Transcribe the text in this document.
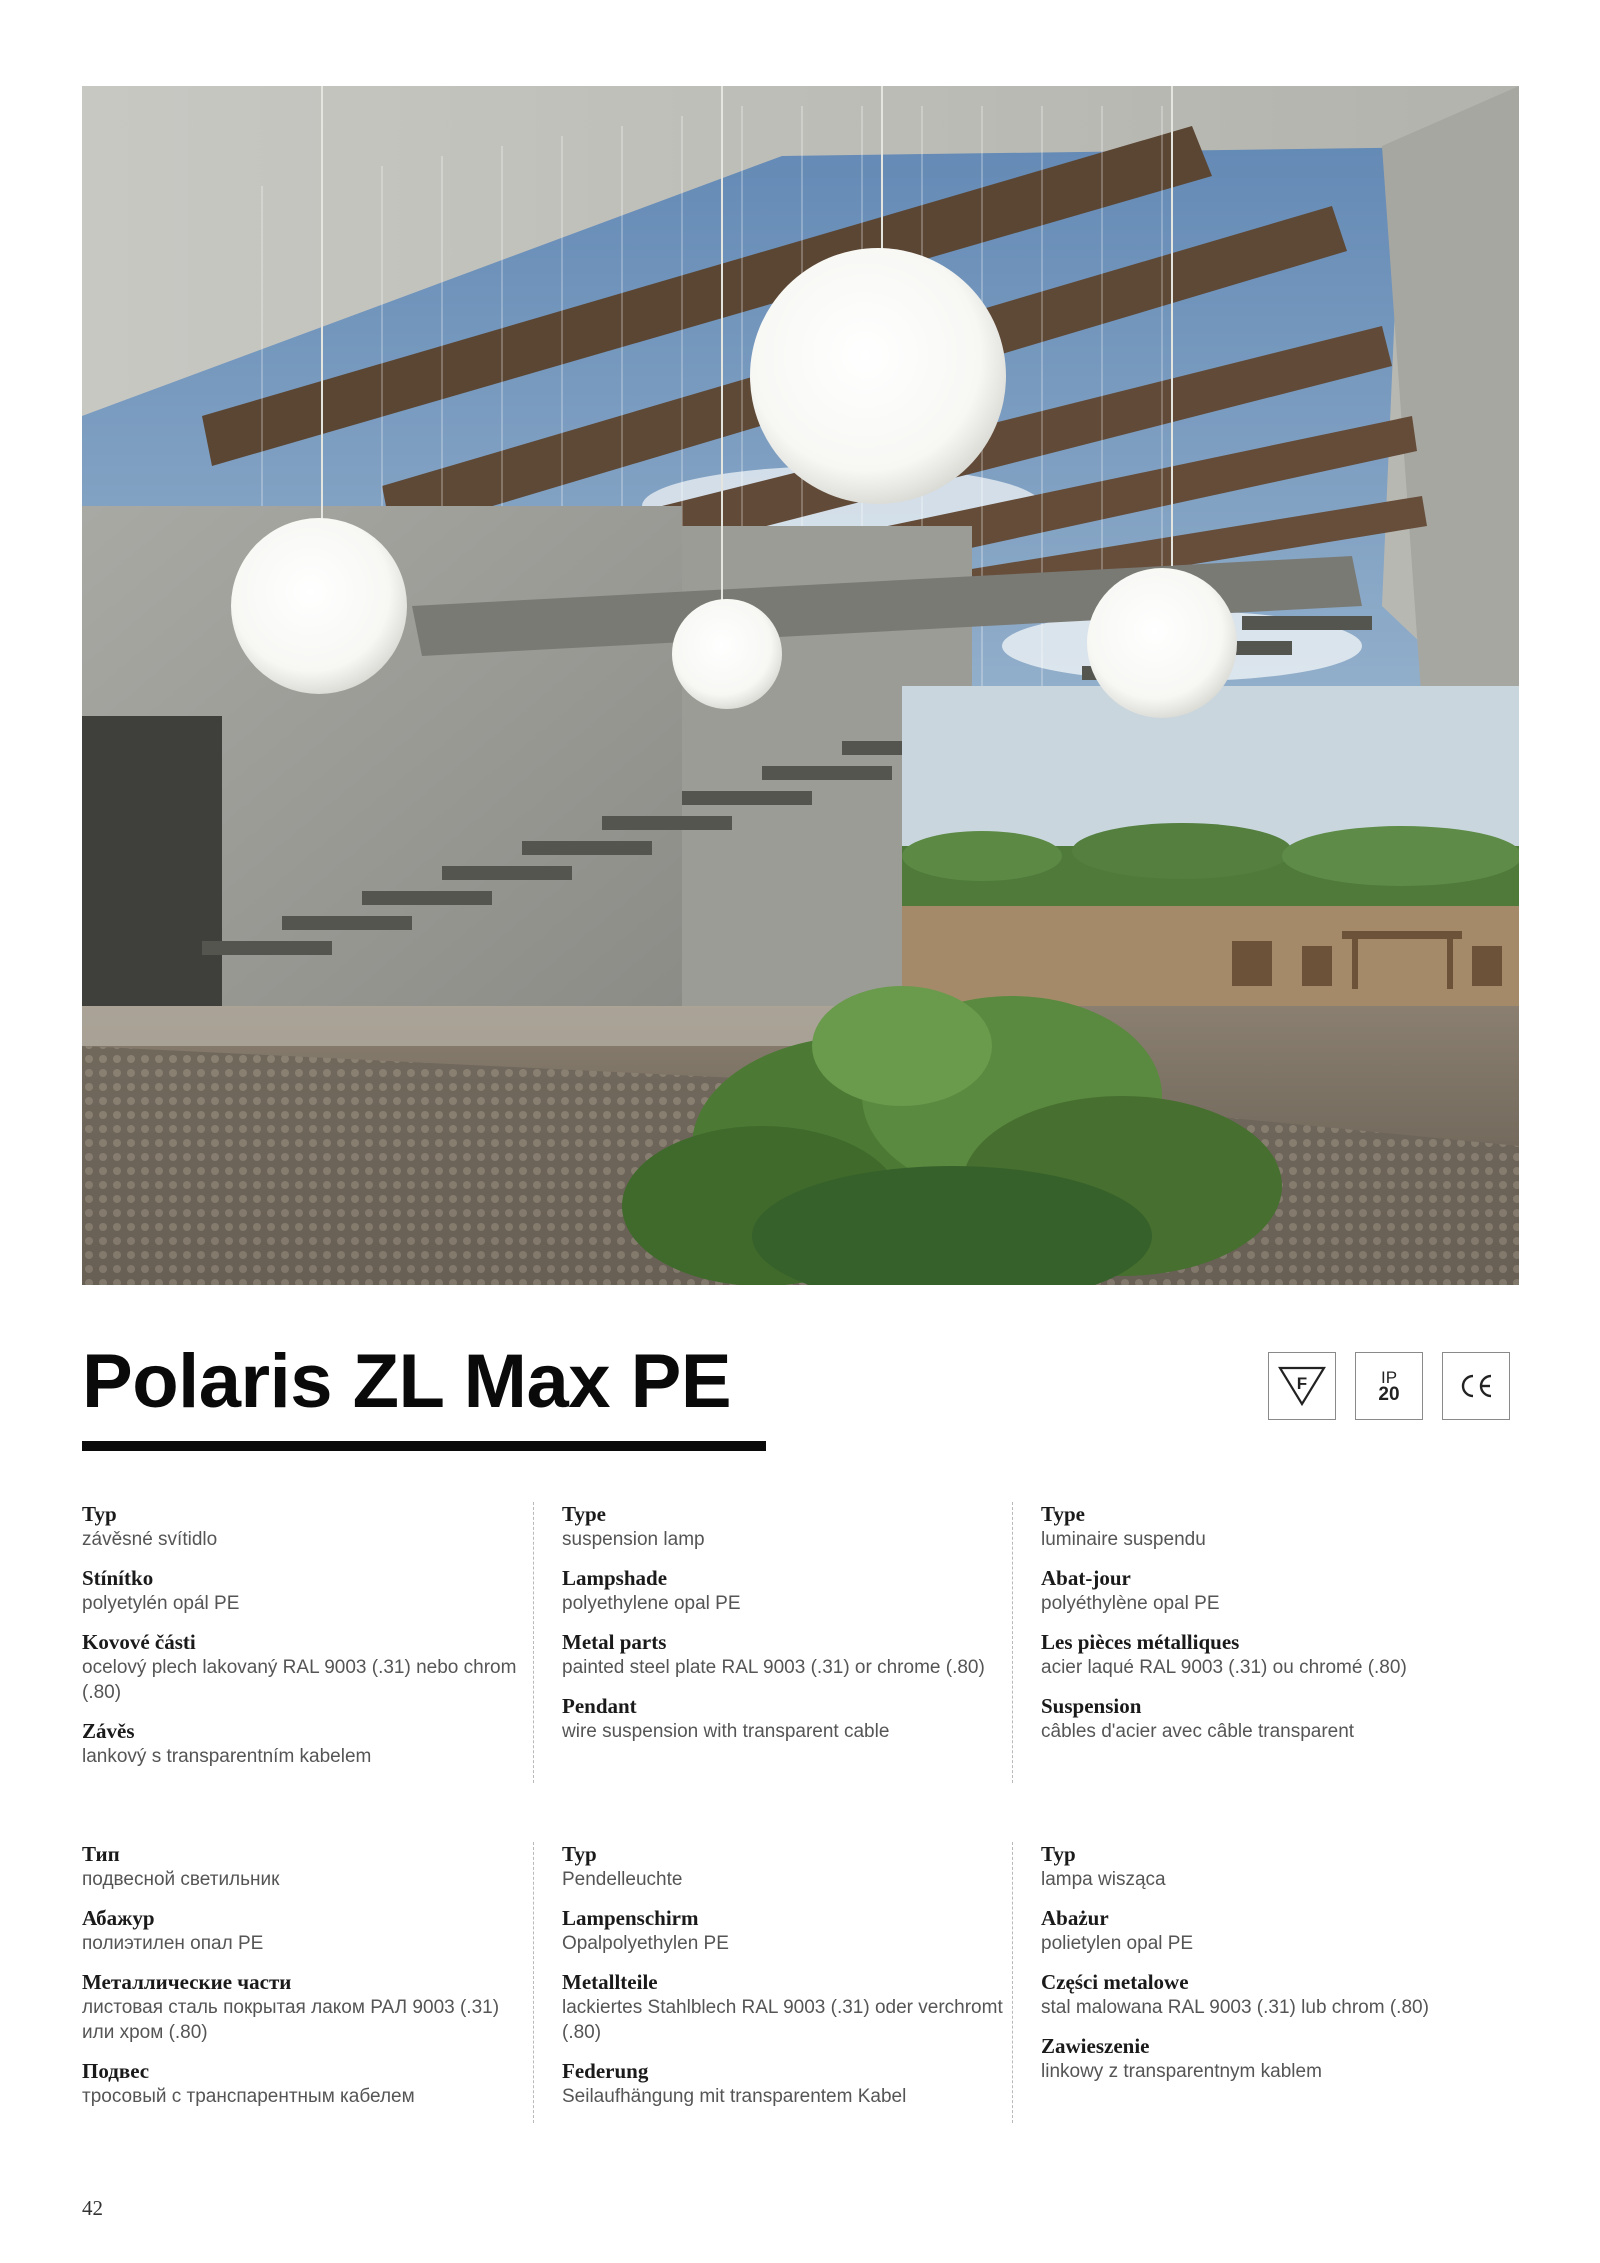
Polaris ZL Max PE	F	IP
20
Typ
závěsné svítidlo
Stínítko
polyetylén opál PE
Kovové části
ocelový plech lakovaný RAL 9003 (.31) nebo chrom (.80)
Závěs
lankový s transparentním kabelem
Type
suspension lamp
Lampshade
polyethylene opal PE
Metal parts
painted steel plate RAL 9003 (.31) or chrome (.80)
Pendant
wire suspension with transparent cable
Type
luminaire suspendu
Abat-jour
polyéthylène opal PE
Les pièces métalliques
acier laqué RAL 9003 (.31) ou chromé (.80)
Suspension
câbles d'acier avec câble transparent
Тип
подвесной светильник
Абажур
полиэтилен опал PE
Металлические части
листовая сталь покрытая лаком РАЛ 9003 (.31) или хром (.80)
Подвес
тросовый с транспарентным кабелем
Typ
Pendelleuchte
Lampenschirm
Opalpolyethylen PE
Metallteile
lackiertes Stahlblech RAL 9003 (.31) oder verchromt (.80)
Federung
Seilaufhängung mit transparentem Kabel
Typ
lampa wisząca
Abażur
polietylen opal PE
Części metalowe
stal malowana RAL 9003 (.31) lub chrom (.80)
Zawieszenie
linkowy z transparentnym kablem
42
